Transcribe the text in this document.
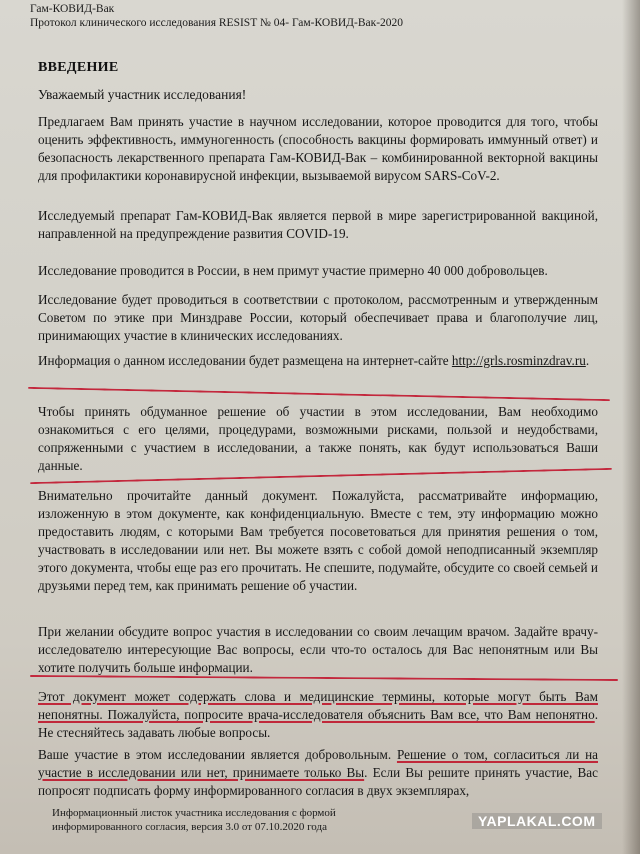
Гам-КОВИД-Вак
Протокол клинического исследования RESIST № 04- Гам-КОВИД-Вак-2020
ВВЕДЕНИЕ
Уважаемый участник исследования!
Предлагаем Вам принять участие в научном исследовании, которое проводится для того, чтобы оценить эффективность, иммуногенность (способность вакцины формировать иммунный ответ) и безопасность лекарственного препарата Гам-КОВИД-Вак – комбинированной векторной вакцины для профилактики коронавирусной инфекции, вызываемой вирусом SARS-CoV-2.
Исследуемый препарат Гам-КОВИД-Вак является первой в мире зарегистрированной вакциной, направленной на предупреждение развития COVID-19.
Исследование проводится в России, в нем примут участие примерно 40 000 добровольцев.
Исследование будет проводиться в соответствии с протоколом, рассмотренным и утвержденным Советом по этике при Минздраве России, который обеспечивает права и благополучие лиц, принимающих участие в клинических исследованиях.
Информация о данном исследовании будет размещена на интернет-сайте http://grls.rosminzdrav.ru.
Чтобы принять обдуманное решение об участии в этом исследовании, Вам необходимо ознакомиться с его целями, процедурами, возможными рисками, пользой и неудобствами, сопряженными с участием в исследовании, а также понять, как будут использоваться Ваши данные.
Внимательно прочитайте данный документ. Пожалуйста, рассматривайте информацию, изложенную в этом документе, как конфиденциальную. Вместе с тем, эту информацию можно предоставить людям, с которыми Вам требуется посоветоваться для принятия решения о том, участвовать в исследовании или нет. Вы можете взять с собой домой неподписанный экземпляр этого документа, чтобы еще раз его прочитать. Не спешите, подумайте, обсудите со своей семьей и друзьями перед тем, как принимать решение об участии.
При желании обсудите вопрос участия в исследовании со своим лечащим врачом. Задайте врачу-исследователю интересующие Вас вопросы, если что-то осталось для Вас непонятным или Вы хотите получить больше информации.
Этот документ может содержать слова и медицинские термины, которые могут быть Вам непонятны. Пожалуйста, попросите врача-исследователя объяснить Вам все, что Вам непонятно. Не стесняйтесь задавать любые вопросы.
Ваше участие в этом исследовании является добровольным. Решение о том, согласиться ли на участие в исследовании или нет, принимаете только Вы. Если Вы решите принять участие, Вас попросят подписать форму информированного согласия в двух экземплярах,
Информационный листок участника исследования с формой
информированного согласия, версия 3.0 от 07.10.2020 года	YAPLAKAL.COM
